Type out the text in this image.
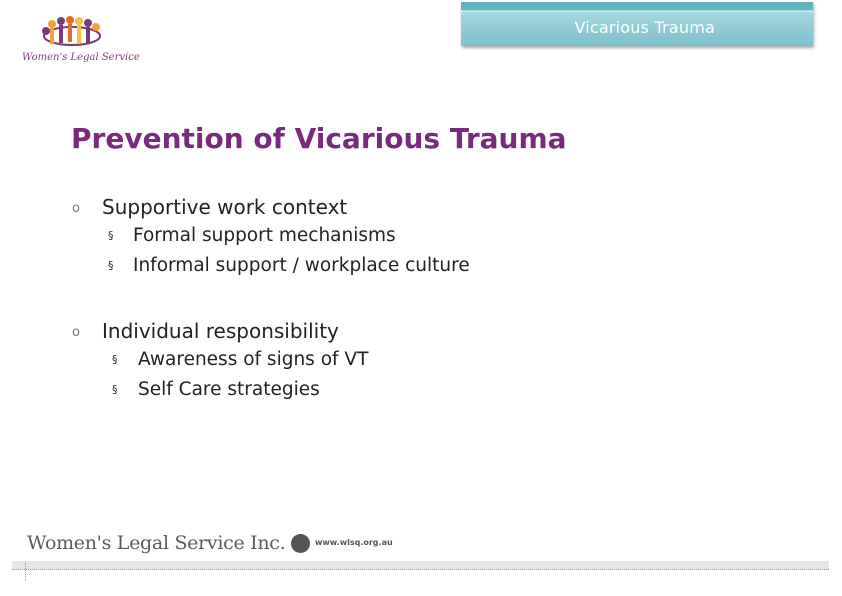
Women's Legal Service
Vicarious Trauma
Prevention of Vicarious Trauma
o Supportive work context
§ Formal support mechanisms
§ Informal support / workplace culture
o Individual responsibility
§ Awareness of signs of VT
§ Self Care strategies
Women's Legal Service Inc.	www.wlsq.org.au
